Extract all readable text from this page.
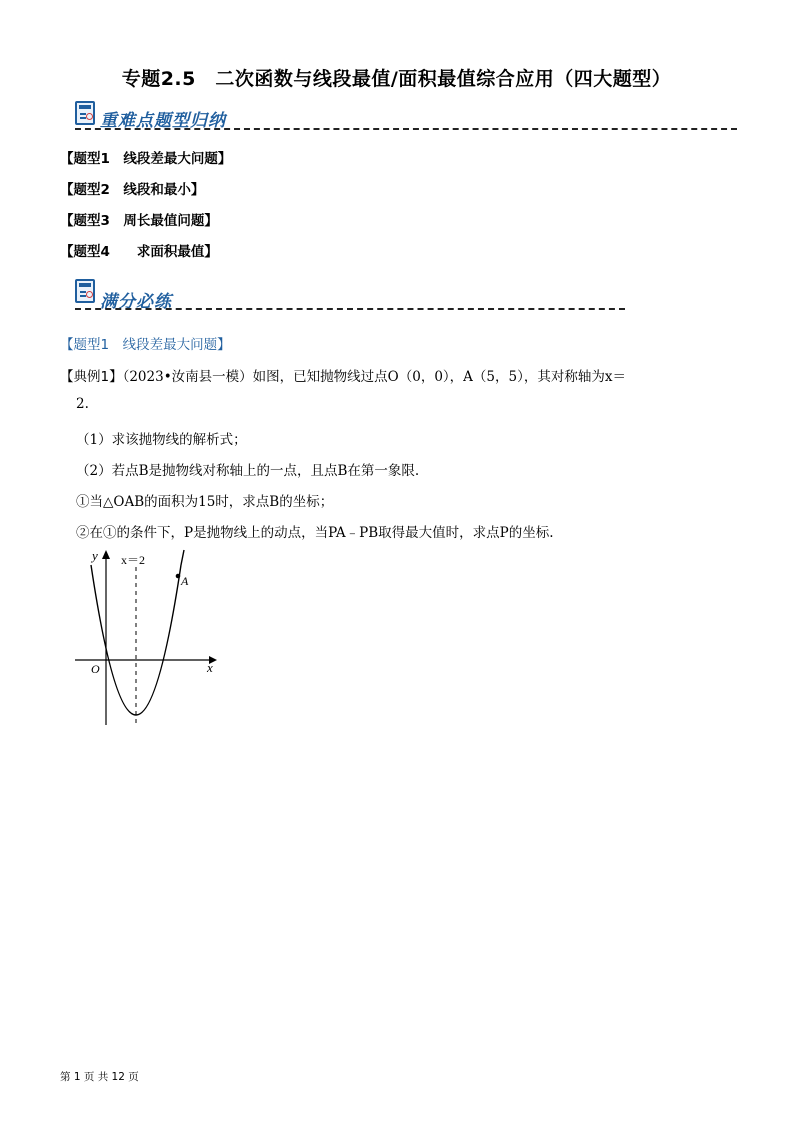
专题2.5　二次函数与线段最值/面积最值综合应用（四大题型）
重难点题型归纳
【题型1　线段差最大问题】
【题型2　线段和最小】
【题型3　周长最值问题】
【题型4　　求面积最值】
满分必练
【题型1　线段差最大问题】
【典例1】（2023•汝南县一模）如图，已知抛物线过点O（0，0），A（5，5），其对称轴为x＝
2.
（1）求该抛物线的解析式；
（2）若点B是抛物线对称轴上的一点，且点B在第一象限.
①当△OAB的面积为15时，求点B的坐标；
②在①的条件下，P是抛物线上的动点，当PA﹣PB取得最大值时，求点P的坐标.
y
x
O
x＝2
A
第 1 页 共 12 页
